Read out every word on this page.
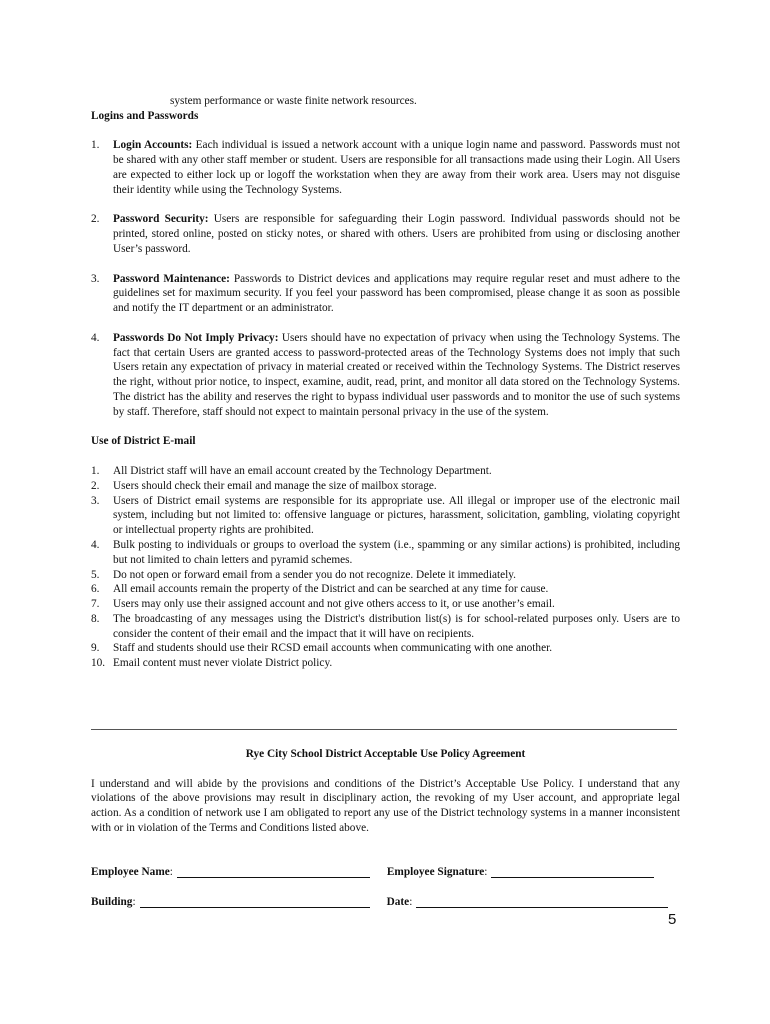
system performance or waste finite network resources.

Logins and Passwords

1.	Login Accounts: Each individual is issued a network account with a unique login name and password. Passwords must not be shared with any other staff member or student. Users are responsible for all transactions made using their Login. All Users are expected to either lock up or logoff the workstation when they are away from their work area. Users may not disguise their identity while using the Technology Systems.
2.	Password Security: Users are responsible for safeguarding their Login password. Individual passwords should not be printed, stored online, posted on sticky notes, or shared with others. Users are prohibited from using or disclosing another User’s password.
3.	Password Maintenance: Passwords to District devices and applications may require regular reset and must adhere to the guidelines set for maximum security. If you feel your password has been compromised, please change it as soon as possible and notify the IT department or an administrator.
4.	Passwords Do Not Imply Privacy: Users should have no expectation of privacy when using the Technology Systems. The fact that certain Users are granted access to password-protected areas of the Technology Systems does not imply that such Users retain any expectation of privacy in material created or received within the Technology Systems. The District reserves the right, without prior notice, to inspect, examine, audit, read, print, and monitor all data stored on the Technology Systems. The district has the ability and reserves the right to bypass individual user passwords and to monitor the use of such systems by staff. Therefore, staff should not expect to maintain personal privacy in the use of the system.

Use of District E-mail

1.	All District staff will have an email account created by the Technology Department.
2.	Users should check their email and manage the size of mailbox storage.
3.	Users of District email systems are responsible for its appropriate use. All illegal or improper use of the electronic mail system, including but not limited to: offensive language or pictures, harassment, solicitation, gambling, violating copyright or intellectual property rights are prohibited.
4.	Bulk posting to individuals or groups to overload the system (i.e., spamming or any similar actions) is prohibited, including but not limited to chain letters and pyramid schemes.
5.	Do not open or forward email from a sender you do not recognize. Delete it immediately.
6.	All email accounts remain the property of the District and can be searched at any time for cause.
7.	Users may only use their assigned account and not give others access to it, or use another’s email.
8.	The broadcasting of any messages using the District's distribution list(s) is for school-related purposes only. Users are to consider the content of their email and the impact that it will have on recipients.
9.	Staff and students should use their RCSD email accounts when communicating with one another.
10. Email content must never violate District policy.

Rye City School District Acceptable Use Policy Agreement

I understand and will abide by the provisions and conditions of the District’s Acceptable Use Policy. I understand that any violations of the above provisions may result in disciplinary action, the revoking of my User account, and appropriate legal action. As a condition of network use I am obligated to report any use of the District technology systems in a manner inconsistent with or in violation of the Terms and Conditions listed above.

Employee Name :	Employee Signature :
Building :	Date :
5
